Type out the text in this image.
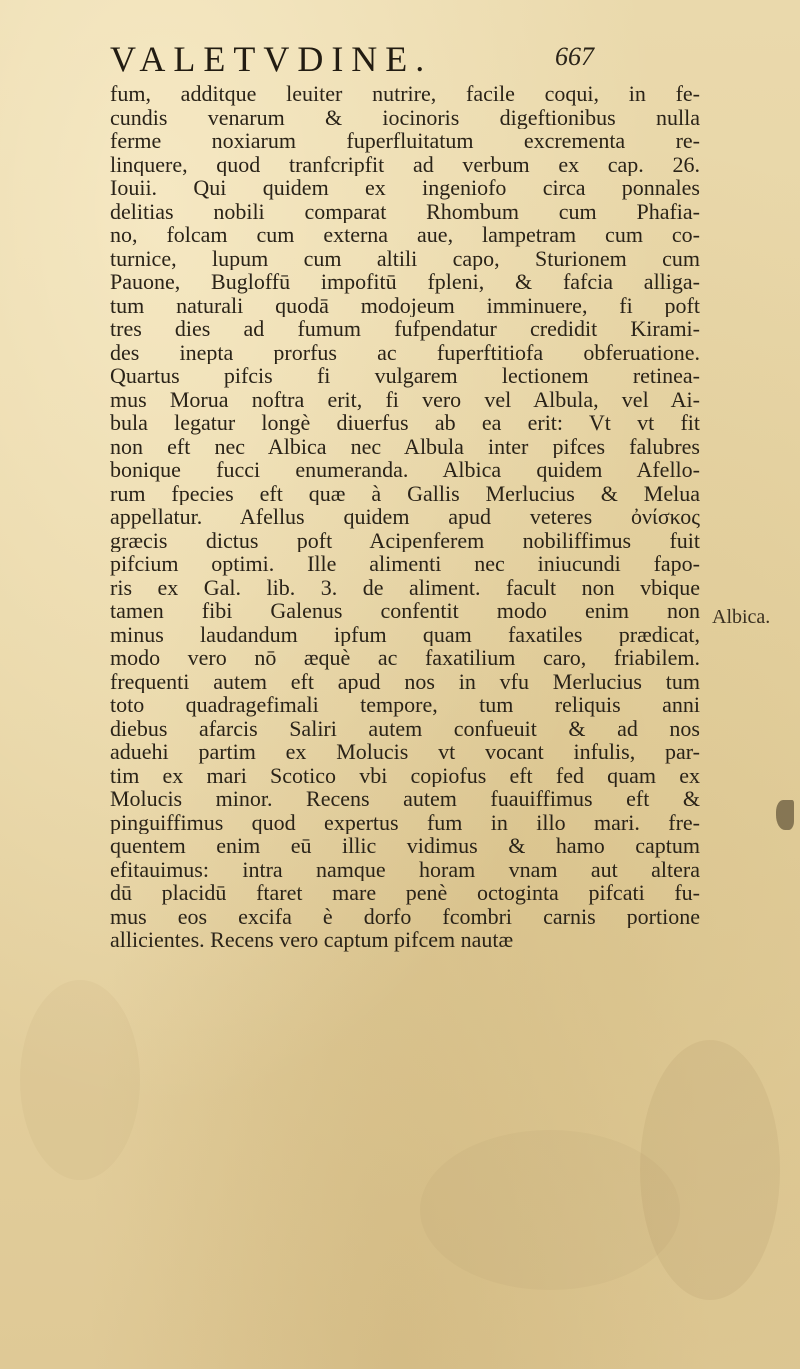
VALETVDINE.	667
fum, additque leuiter nutrire, facile coqui, in fe-
cundis venarum & iocinoris digeftionibus nulla
ferme noxiarum fuperfluitatum excrementa re-
linquere, quod tranfcripfit ad verbum ex cap. 26.
Iouii. Qui quidem ex ingeniofo circa ponnales
delitias nobili comparat Rhombum cum Phafia-
no, folcam cum externa aue, lampetram cum co-
turnice, lupum cum altili capo, Sturionem cum
Pauone, Bugloffū impofitū fpleni, & fafcia alliga-
tum naturali quodā modojeum imminuere, fi poft
tres dies ad fumum fufpendatur credidit Kirami-
des inepta prorfus ac fuperftitiofa obferuatione.
Quartus pifcis fi vulgarem lectionem retinea-
mus Morua noftra erit, fi vero vel Albula, vel Ai-
bula legatur longè diuerfus ab ea erit: Vt vt fit
non eft nec Albica nec Albula inter pifces falubres
bonique fucci enumeranda. Albica quidem Afello-
rum fpecies eft quæ à Gallis Merlucius & Melua
appellatur. Afellus quidem apud veteres ὀνίσκος
græcis dictus poft Acipenferem nobiliffimus fuit
pifcium optimi. Ille alimenti nec iniucundi fapo-
ris ex Gal. lib. 3. de aliment. facult non vbique
tamen fibi Galenus confentit modo enim non
minus laudandum ipfum quam faxatiles prædicat,
modo vero nō æquè ac faxatilium caro, friabilem.
frequenti autem eft apud nos in vfu Merlucius tum
toto quadragefimali tempore, tum reliquis anni
diebus afarcis Saliri autem confueuit & ad nos
aduehi partim ex Molucis vt vocant infulis, par-
tim ex mari Scotico vbi copiofus eft fed quam ex
Molucis minor. Recens autem fuauiffimus eft &
pinguiffimus quod expertus fum in illo mari. fre-
quentem enim eū illic vidimus & hamo captum
efitauimus: intra namque horam vnam aut altera
dū placidū ftaret mare penè octoginta pifcati fu-
mus eos excifa è dorfo fcombri carnis portione
allicientes. Recens vero captum pifcem nautæ
Albica.
